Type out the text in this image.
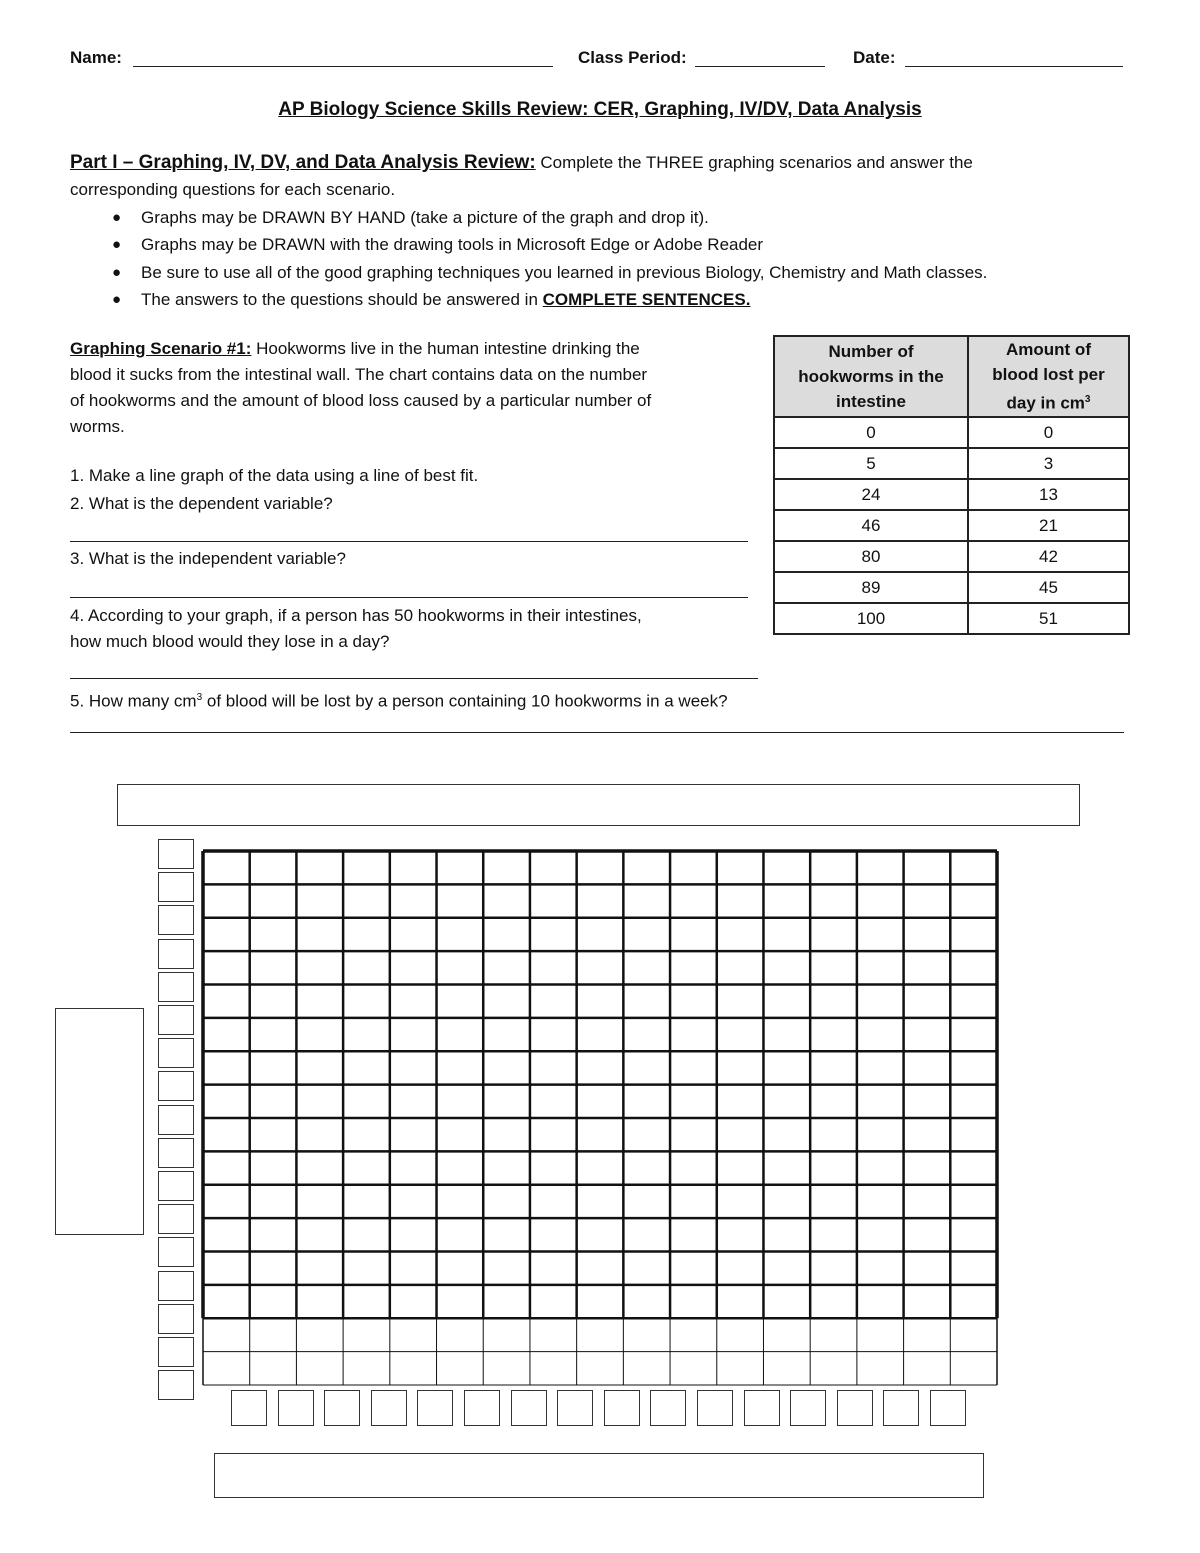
Name:	Class Period:	Date:
AP Biology Science Skills Review: CER, Graphing, IV/DV, Data Analysis
Part I – Graphing, IV, DV, and Data Analysis Review: Complete the THREE graphing scenarios and answer the
corresponding questions for each scenario.
● Graphs may be DRAWN BY HAND (take a picture of the graph and drop it).
● Graphs may be DRAWN with the drawing tools in Microsoft Edge or Adobe Reader
● Be sure to use all of the good graphing techniques you learned in previous Biology, Chemistry and Math classes.
● The answers to the questions should be answered in COMPLETE SENTENCES.
Graphing Scenario #1: Hookworms live in the human intestine drinking the
blood it sucks from the intestinal wall. The chart contains data on the number
of hookworms and the amount of blood loss caused by a particular number of
worms.
1. Make a line graph of the data using a line of best fit.
2. What is the dependent variable?
3. What is the independent variable?
4. According to your graph, if a person has 50 hookworms in their intestines,
how much blood would they lose in a day?
5. How many $cm^3$ of blood will be lost by a person containing 10 hookworms in a week?
Number of
hookworms in the
intestine	Amount of
blood lost per
day in $cm^3$
0	0
5	3
24	13
46	21
80	42
89	45
100	51
